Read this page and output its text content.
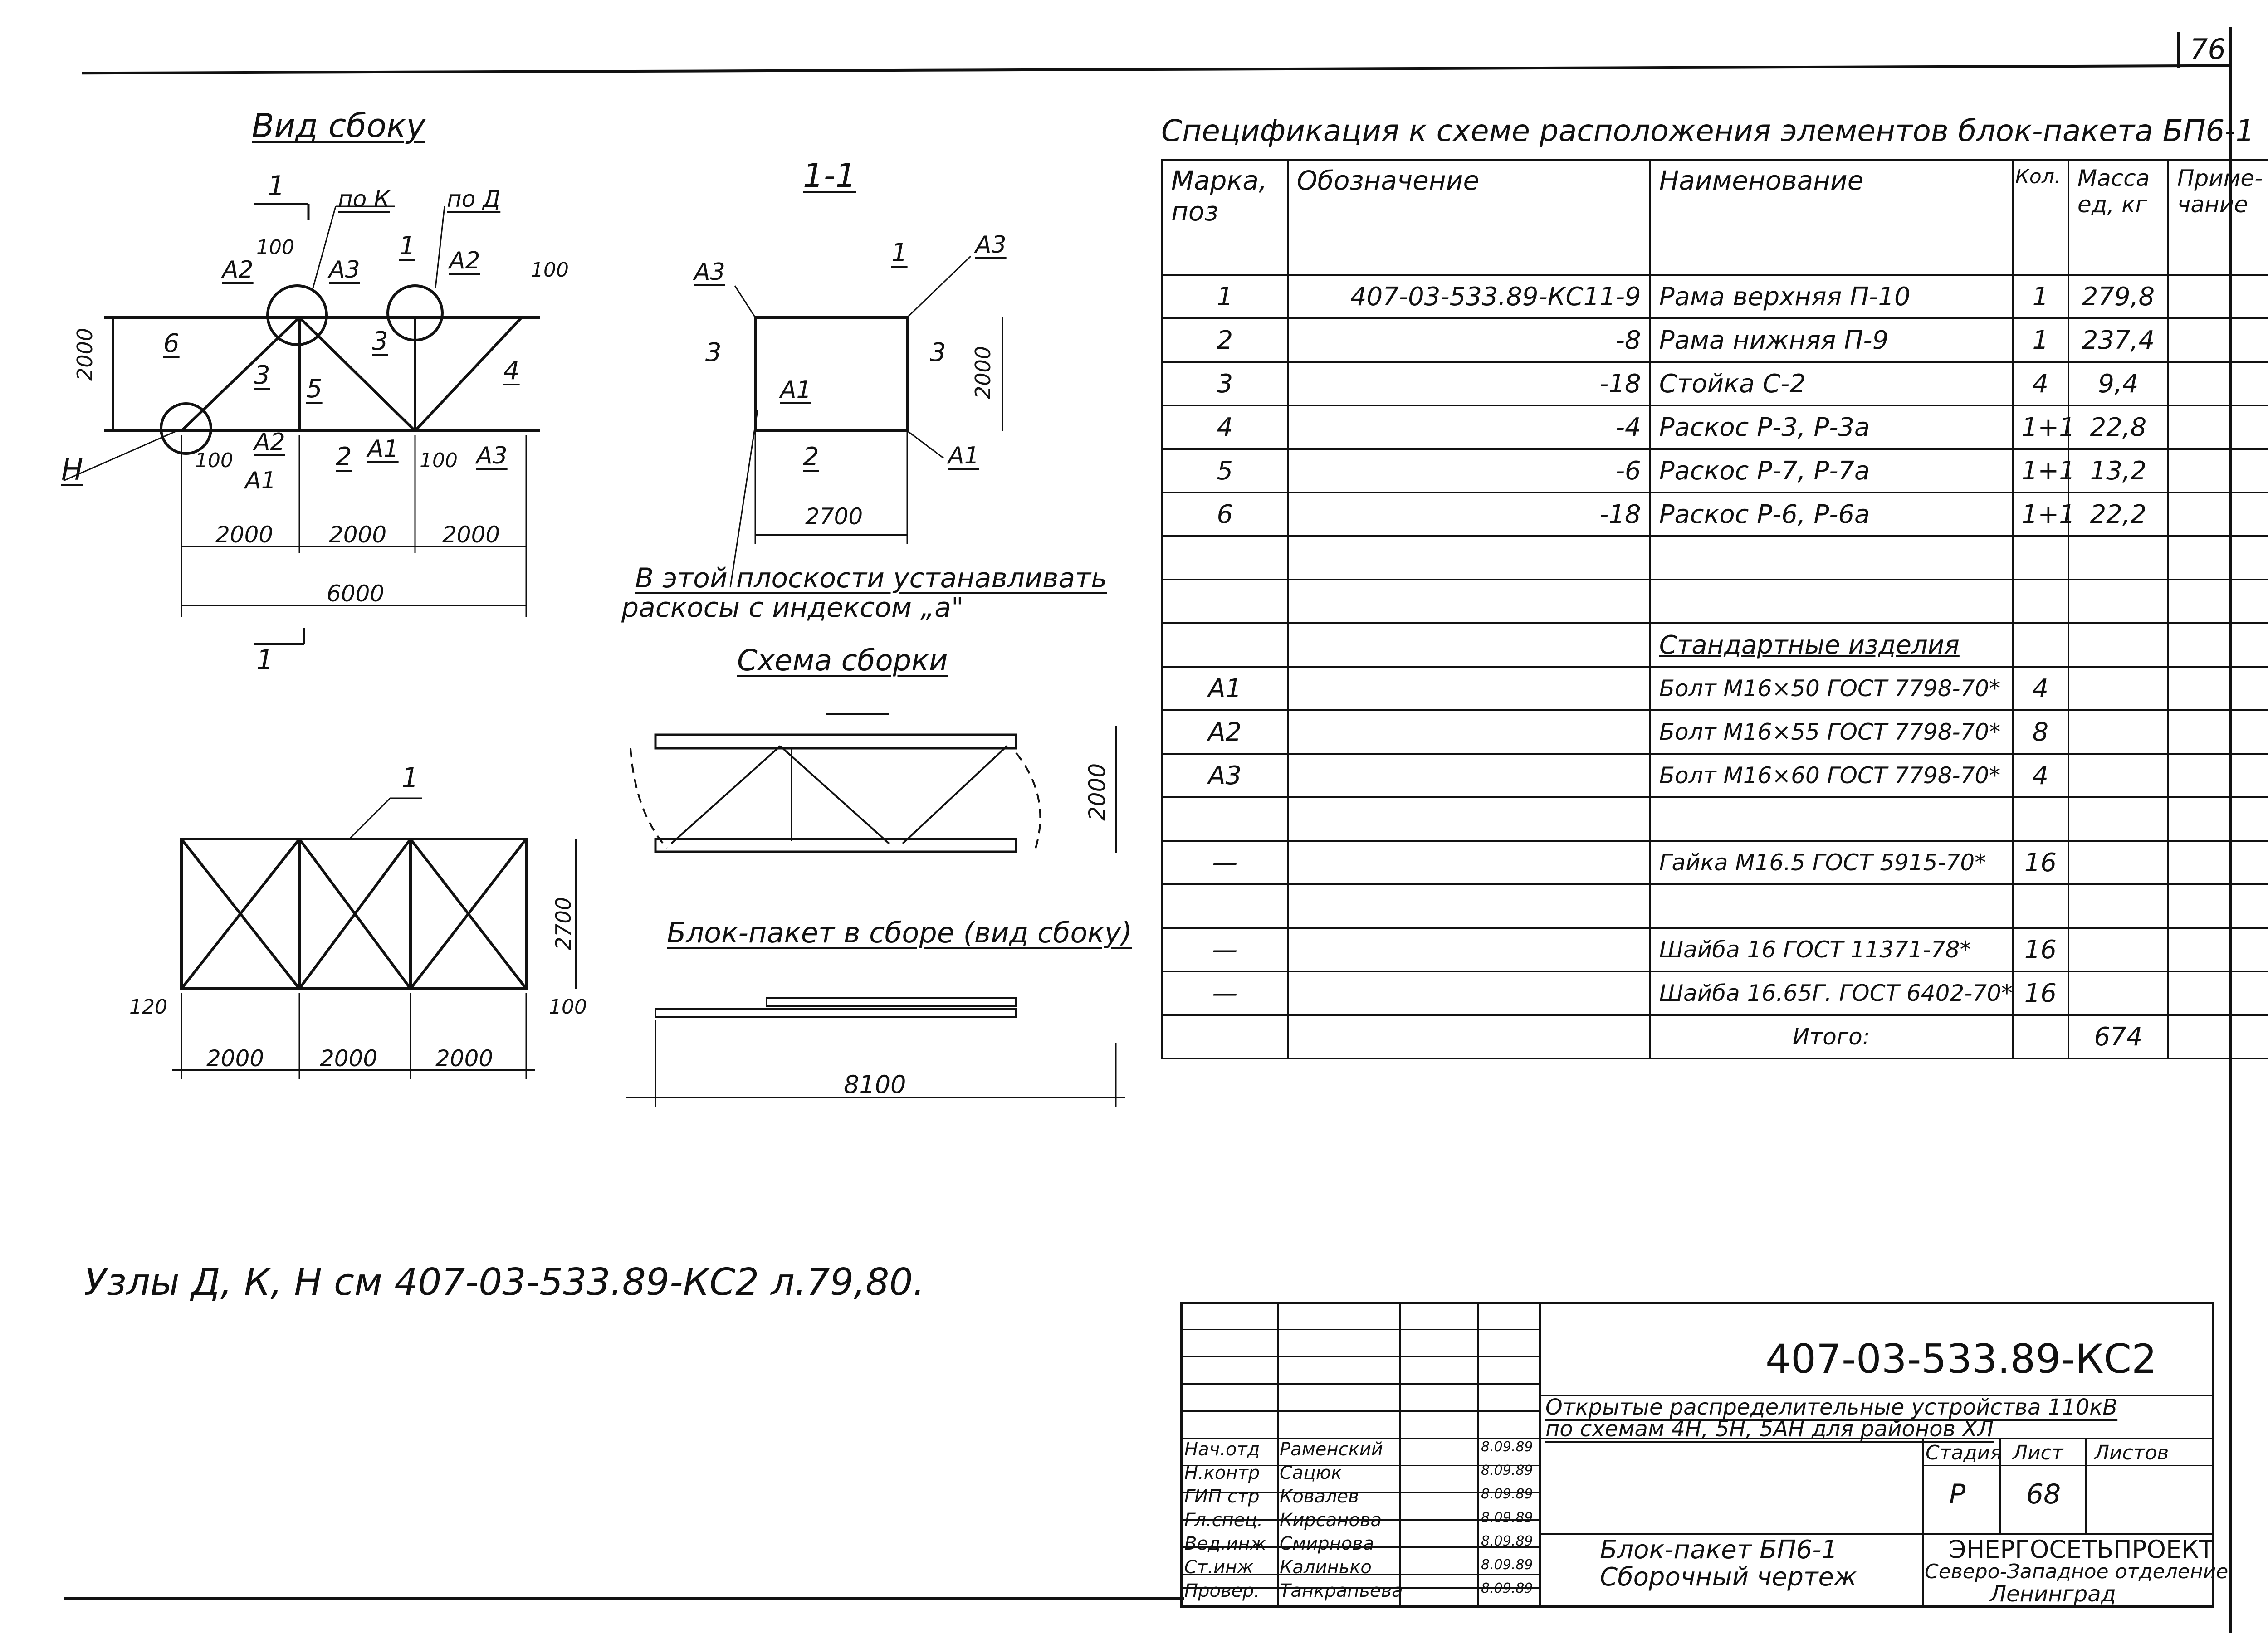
76
Вид сбоку
1-1
Схема сборки
Блок-пакет в сборе (вид сбоку)
В этой плоскости устанавливать
раскосы с индексом „а"
1
1
по К	по Д
Н
100
100
100	100
А2	А3	А2
А2
А1
А1	А3
1
2
3
3
4
5
6
2000
2000 2000 2000
6000
А3
А3
1
3	3
А1
2	А1
2000
2700
1
2700
120	100
2000 2000	2000
2000
8100
Узлы Д, К, Н см 407-03-533.89-КС2 л.79,80.
Спецификация к схеме расположения элементов блок-пакета БП6-1
Марка, поз	Обозначение	Наименование	Кол.	Масса ед, кг	Приме-чание
1	407-03-533.89-КС11-9	Рама верхняя П-10	1	279,8	
2	-8	Рама нижняя П-9	1	237,4	
3	-18	Стойка С-2	4	9,4	
4	-4	Раскос Р-3, Р-3а	1+1	22,8	
5	-6	Раскос Р-7, Р-7а	1+1	13,2	
6	-18	Раскос Р-6, Р-6а	1+1	22,2	

		Стандартные изделия			
А1		Болт М16×50 ГОСТ 7798-70*	4		
А2		Болт М16×55 ГОСТ 7798-70*	8		
А3		Болт М16×60 ГОСТ 7798-70*	4		

—		Гайка М16.5 ГОСТ 5915-70*	16		

—		Шайба 16 ГОСТ 11371-78*	16		
—		Шайба 16.65Г. ГОСТ 6402-70*	16		
		Итого:		674	
407-03-533.89-КС2
Открытые распределительные устройства 110кВ
по схемам 4Н, 5Н, 5АН для районов ХЛ
Стадия Лист Листов
Р 68
Блок-пакет БП6-1
Сборочный чертеж
ЭНЕРГОСЕТЬПРОЕКТ
Северо-Западное отделение
Ленинград
Нач.отд Раменский	8.09.89
Н.контр Сацюк	8.09.89
ГИП стр Ковалев	8.09.89
Гл.спец. Кирсанова	8.09.89
Вед.инж Смирнова	8.09.89
Ст.инж Калинько	8.09.89
Провер. Танкрапьева	8.09.89
